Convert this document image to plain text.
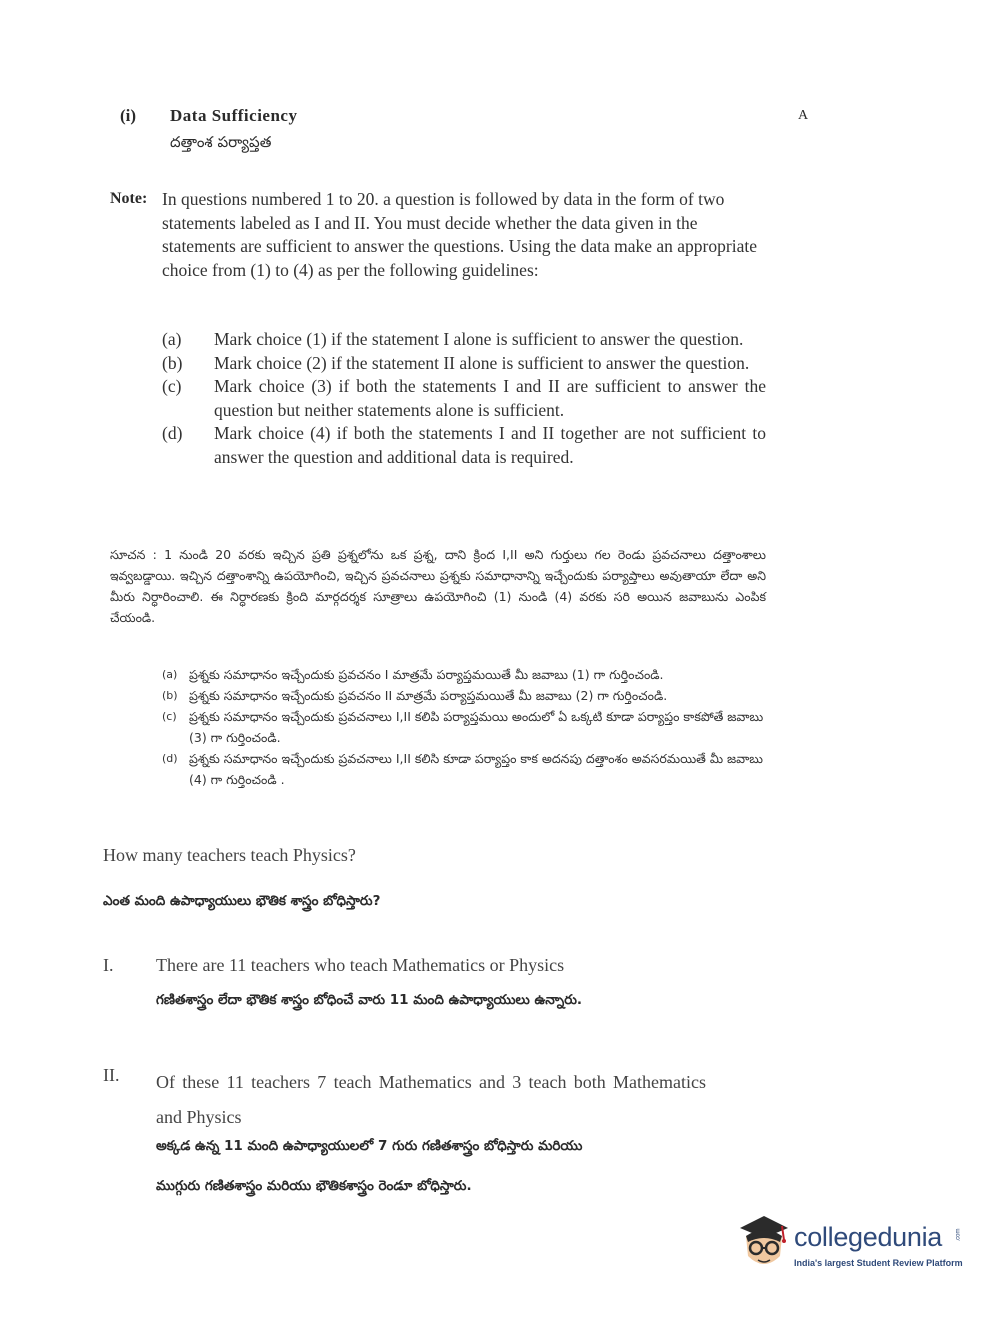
(i) Data Sufficiency
దత్తాంశ పర్యాప్తత
A
Note: In questions numbered 1 to 20. a question is followed by data in the form of two statements labeled as I and II. You must decide whether the data given in the statements are sufficient to answer the questions. Using the data make an appropriate choice from (1) to (4) as per the following guidelines:
(a)	Mark choice (1) if the statement I alone is sufficient to answer the question.
(b)	Mark choice (2) if the statement II alone is sufficient to answer the question.
(c)	Mark choice (3) if both the statements I and II are sufficient to answer the question but neither statements alone is sufficient.
(d)	Mark choice (4) if both the statements I and II together are not sufficient to answer the question and additional data is required.
సూచన : 1 నుండి 20 వరకు ఇచ్చిన ప్రతి ప్రశ్నలోను ఒక ప్రశ్న, దాని క్రింద I,II అని గుర్తులు గల రెండు ప్రవచనాలు దత్తాంశాలు ఇవ్వబడ్డాయి. ఇచ్చిన దత్తాంశాన్ని ఉపయోగించి, ఇచ్చిన ప్రవచనాలు ప్రశ్నకు సమాధానాన్ని ఇచ్చేందుకు పర్యాప్తాలు అవుతాయా లేదా అని మీరు నిర్ధారించాలి. ఈ నిర్ధారణకు క్రింది మార్గదర్శక సూత్రాలు ఉపయోగించి (1) నుండి (4) వరకు సరి అయిన జవాబును ఎంపిక చేయండి.
(a) ప్రశ్నకు సమాధానం ఇచ్చేందుకు ప్రవచనం I మాత్రమే పర్యాప్తమయితే మీ జవాబు (1) గా గుర్తించండి.
(b) ప్రశ్నకు సమాధానం ఇచ్చేందుకు ప్రవచనం II మాత్రమే పర్యాప్తమయితే మీ జవాబు (2) గా గుర్తించండి.
(c) ప్రశ్నకు సమాధానం ఇచ్చేందుకు ప్రవచనాలు I,II కలిపి పర్యాప్తమయి అందులో ఏ ఒక్కటి కూడా పర్యాప్తం కాకపోతే జవాబు (3) గా గుర్తించండి.
(d) ప్రశ్నకు సమాధానం ఇచ్చేందుకు ప్రవచనాలు I,II కలిసి కూడా పర్యాప్తం కాక అదనపు దత్తాంశం అవసరమయితే మీ జవాబు (4) గా గుర్తించండి .
How many teachers teach Physics?
ఎంత మంది ఉపాధ్యాయులు భౌతిక శాస్త్రం బోధిస్తారు?
I. There are 11 teachers who teach Mathematics or Physics
గణితశాస్త్రం లేదా భౌతిక శాస్త్రం బోధించే వారు 11 మంది ఉపాధ్యాయులు ఉన్నారు.
II. Of these 11 teachers 7 teach Mathematics and 3 teach both Mathematics and Physics
అక్కడ ఉన్న 11 మంది ఉపాధ్యాయులలో 7 గురు గణితశాస్త్రం బోధిస్తారు మరియు
ముగ్గురు గణితశాస్త్రం మరియు భౌతికశాస్త్రం రెండూ బోధిస్తారు.
collegedunia .com
India's largest Student Review Platform
